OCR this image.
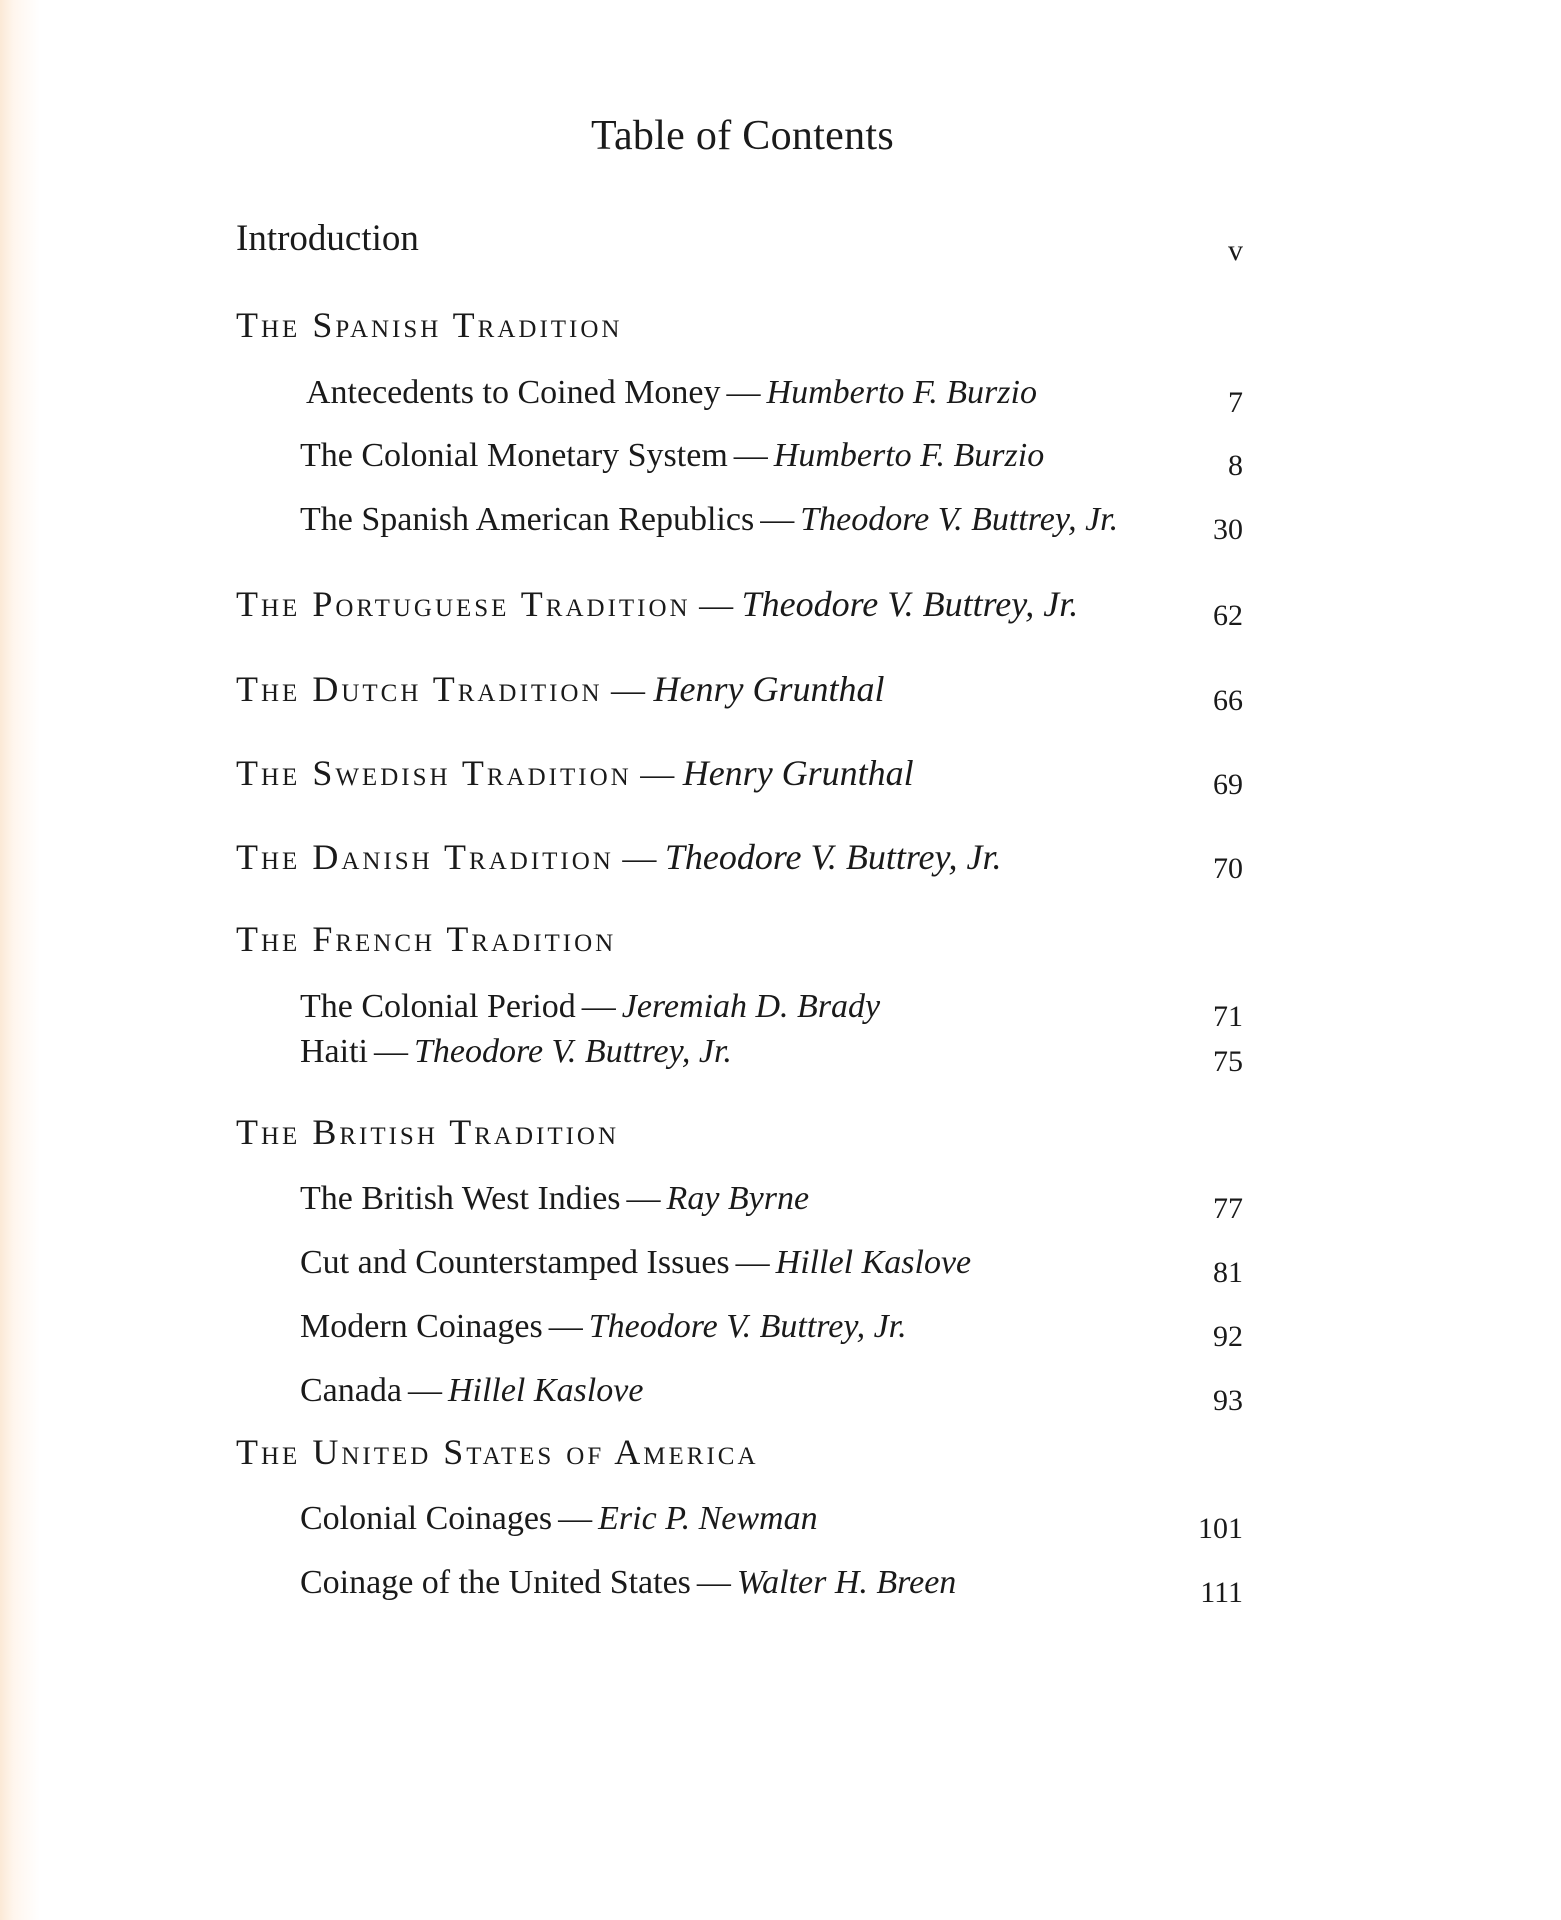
Table of Contents
Introduction	v
The Spanish Tradition
Antecedents to Coined Money — Humberto F. Burzio	7
The Colonial Monetary System — Humberto F. Burzio	8
The Spanish American Republics — Theodore V. Buttrey, Jr.	30
The Portuguese Tradition — Theodore V. Buttrey, Jr.	62
The Dutch Tradition — Henry Grunthal	66
The Swedish Tradition — Henry Grunthal	69
The Danish Tradition — Theodore V. Buttrey, Jr.	70
The French Tradition
The Colonial Period — Jeremiah D. Brady	71
Haiti — Theodore V. Buttrey, Jr.	75
The British Tradition
The British West Indies — Ray Byrne	77
Cut and Counterstamped Issues — Hillel Kaslove	81
Modern Coinages — Theodore V. Buttrey, Jr.	92
Canada — Hillel Kaslove	93
The United States of America
Colonial Coinages — Eric P. Newman	101
Coinage of the United States — Walter H. Breen	111
